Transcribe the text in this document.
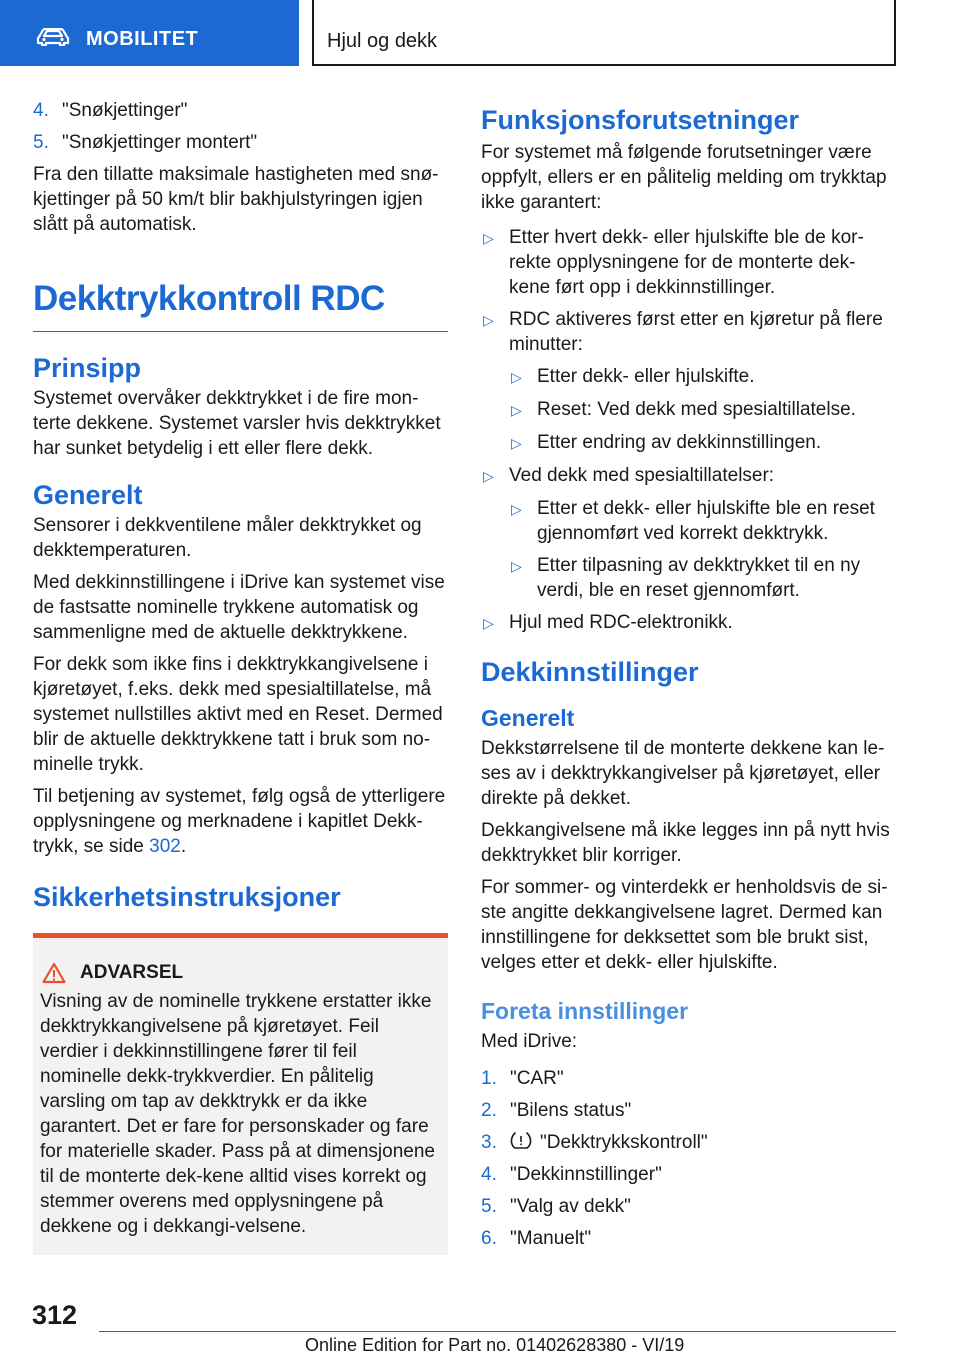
MOBILITET	Hjul og dekk
4. "Snøkjettinger"
5. "Snøkjettinger montert"

Fra den tillatte maksimale hastigheten med snø-kjettinger på 50 km/t blir bakhjulstyringen igjen slått på automatisk.

Dekktrykkontroll RDC
Prinsipp

Systemet overvåker dekktrykket i de fire mon-terte dekkene. Systemet varsler hvis dekktrykket har sunket betydelig i ett eller flere dekk.

Generelt

Sensorer i dekkventilene måler dekktrykket og dekktemperaturen.

Med dekkinnstillingene i iDrive kan systemet vise de fastsatte nominelle trykkene automatisk og sammenligne med de aktuelle dekktrykkene.

For dekk som ikke fins i dekktrykkangivelsene i kjøretøyet, f.eks. dekk med spesialtillatelse, må systemet nullstilles aktivt med en Reset. Dermed blir de aktuelle dekktrykkene tatt i bruk som no-minelle trykk.

Til betjening av systemet, følg også de ytterligere opplysningene og merknadene i kapitlet Dekk-trykk, se side 302.

Sikkerhetsinstruksjoner
ADVARSEL

Visning av de nominelle trykkene erstatter ikke dekktrykkangivelsene på kjøretøyet. Feil verdier i dekkinnstillingene fører til feil nominelle dekk-trykkverdier. En pålitelig varsling om tap av dekktrykk er da ikke garantert. Det er fare for personskader og fare for materielle skader. Pass på at dimensjonene til de monterte dek-kene alltid vises korrekt og stemmer overens med opplysningene på dekkene og i dekkangi-velsene.

Funksjonsforutsetninger

For systemet må følgende forutsetninger være oppfylt, ellers er en pålitelig melding om trykktap ikke garantert:

▷ Etter hvert dekk- eller hjulskifte ble de kor-rekte opplysningene for de monterte dek-kene ført opp i dekkinnstillinger.
▷ RDC aktiveres først etter en kjøretur på flere minutter:
▷ Etter dekk- eller hjulskifte.
▷ Reset: Ved dekk med spesialtillatelse.
▷ Etter endring av dekkinnstillingen.
▷ Ved dekk med spesialtillatelser:
▷ Etter et dekk- eller hjulskifte ble en reset gjennomført ved korrekt dekktrykk.
▷ Etter tilpasning av dekktrykket til en ny verdi, ble en reset gjennomført.
▷ Hjul med RDC-elektronikk.
Dekkinnstillinger
Generelt

Dekkstørrelsene til de monterte dekkene kan le-ses av i dekktrykkangivelser på kjøretøyet, eller direkte på dekket.

Dekkangivelsene må ikke legges inn på nytt hvis dekktrykket blir korriger.

For sommer- og vinterdekk er henholdsvis de si-ste angitte dekkangivelsene lagret. Dermed kan innstillingene for dekksettet som ble brukt sist, velges etter et dekk- eller hjulskifte.

Foreta innstillinger

Med iDrive:

1. "CAR"
2. "Bilens status"
3.	"Dekktrykkskontroll"
4. "Dekkinnstillinger"
5. "Valg av dekk"
6. "Manuelt"
312
Online Edition for Part no. 01402628380 - VI/19
